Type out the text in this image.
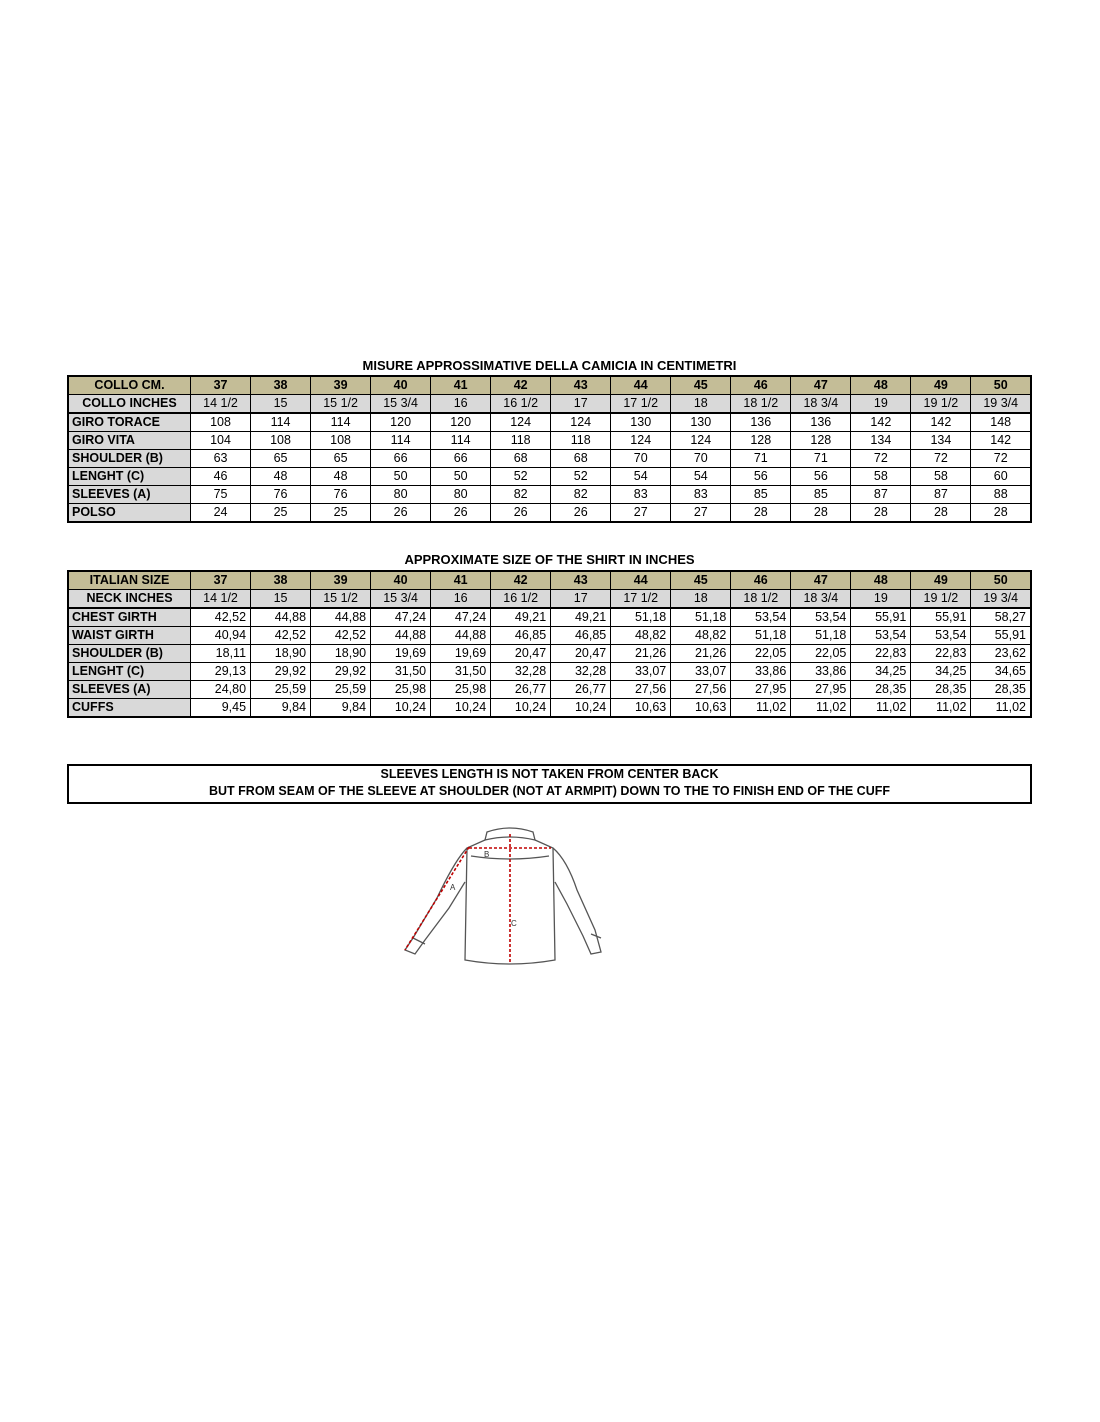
MISURE APPROSSIMATIVE DELLA CAMICIA IN CENTIMETRI
COLLO CM.	37	38	39	40	41	42	43	44	45	46	47	48	49	50
COLLO INCHES	14 1/2	15	15 1/2	15 3/4	16	16 1/2	17	17 1/2	18	18 1/2	18 3/4	19	19 1/2	19 3/4
GIRO TORACE	108	114	114	120	120	124	124	130	130	136	136	142	142	148
GIRO VITA	104	108	108	114	114	118	118	124	124	128	128	134	134	142
SHOULDER (B)	63	65	65	66	66	68	68	70	70	71	71	72	72	72
LENGHT (C)	46	48	48	50	50	52	52	54	54	56	56	58	58	60
SLEEVES (A)	75	76	76	80	80	82	82	83	83	85	85	87	87	88
POLSO	24	25	25	26	26	26	26	27	27	28	28	28	28	28
APPROXIMATE SIZE OF THE SHIRT IN INCHES
ITALIAN SIZE	37	38	39	40	41	42	43	44	45	46	47	48	49	50
NECK INCHES	14 1/2	15	15 1/2	15 3/4	16	16 1/2	17	17 1/2	18	18 1/2	18 3/4	19	19 1/2	19 3/4
CHEST GIRTH	42,52	44,88	44,88	47,24	47,24	49,21	49,21	51,18	51,18	53,54	53,54	55,91	55,91	58,27
WAIST GIRTH	40,94	42,52	42,52	44,88	44,88	46,85	46,85	48,82	48,82	51,18	51,18	53,54	53,54	55,91
SHOULDER (B)	18,11	18,90	18,90	19,69	19,69	20,47	20,47	21,26	21,26	22,05	22,05	22,83	22,83	23,62
LENGHT (C)	29,13	29,92	29,92	31,50	31,50	32,28	32,28	33,07	33,07	33,86	33,86	34,25	34,25	34,65
SLEEVES (A)	24,80	25,59	25,59	25,98	25,98	26,77	26,77	27,56	27,56	27,95	27,95	28,35	28,35	28,35
CUFFS	9,45	9,84	9,84	10,24	10,24	10,24	10,24	10,63	10,63	11,02	11,02	11,02	11,02	11,02
SLEEVES LENGTH IS NOT TAKEN FROM CENTER BACK
BUT FROM SEAM OF THE SLEEVE AT SHOULDER (NOT AT ARMPIT) DOWN TO THE TO FINISH END OF THE CUFF
A
B
C
